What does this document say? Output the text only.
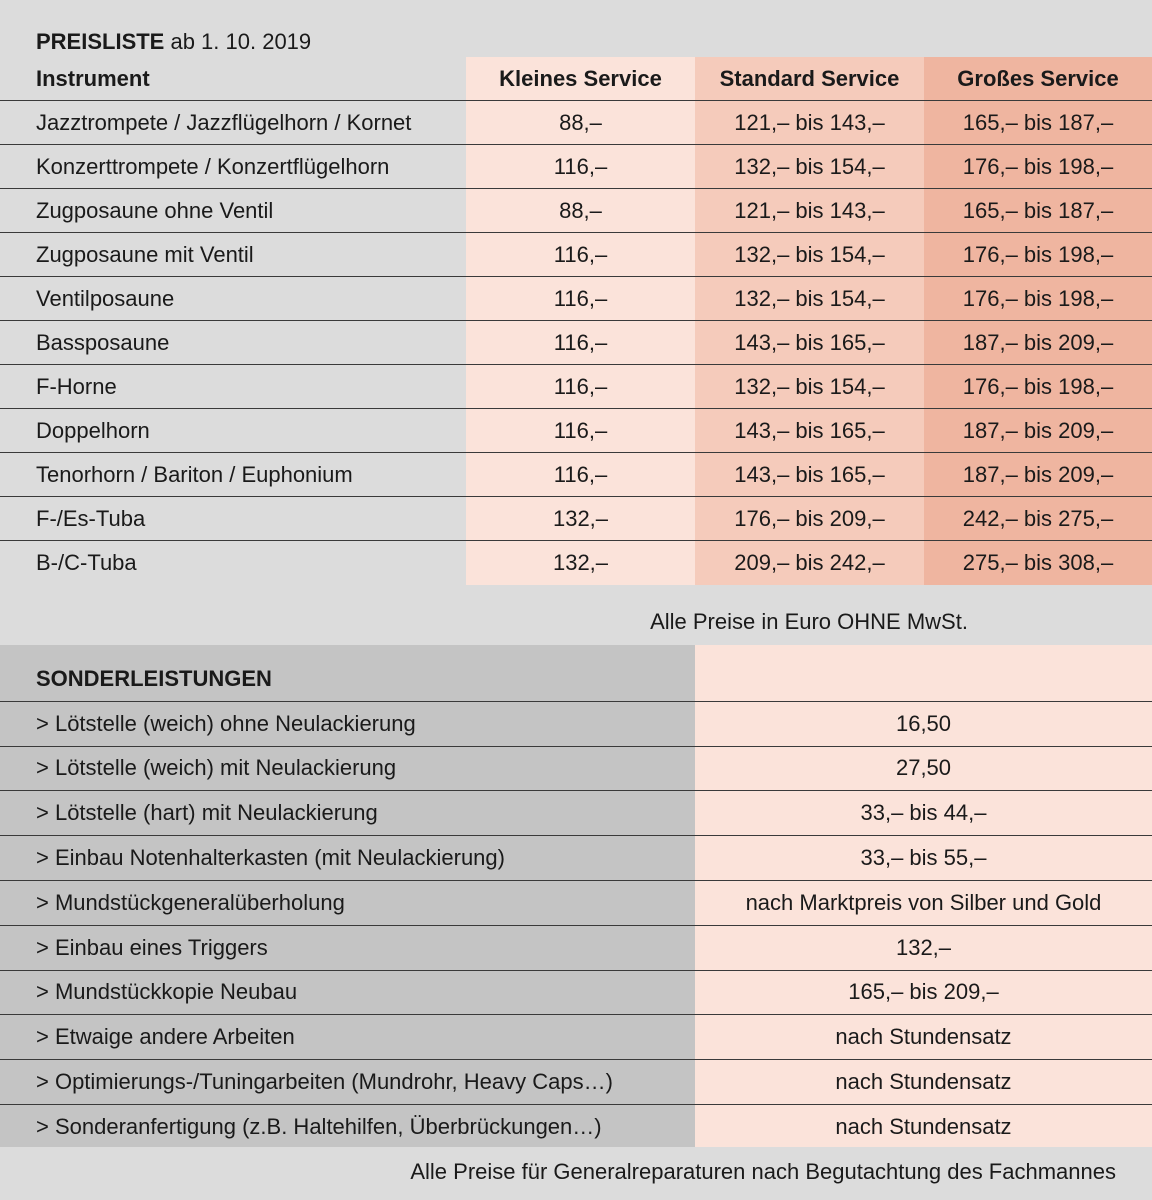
PREISLISTE ab 1. 10. 2019
Instrument	Kleines Service	Standard Service	Großes Service
Jazztrompete / Jazzflügelhorn / Kornet	88,–	121,– bis 143,–	165,– bis 187,–
Konzerttrompete / Konzertflügelhorn	116,–	132,– bis 154,–	176,– bis 198,–
Zugposaune ohne Ventil	88,–	121,– bis 143,–	165,– bis 187,–
Zugposaune mit Ventil	116,–	132,– bis 154,–	176,– bis 198,–
Ventilposaune	116,–	132,– bis 154,–	176,– bis 198,–
Bassposaune	116,–	143,– bis 165,–	187,– bis 209,–
F-Horne	116,–	132,– bis 154,–	176,– bis 198,–
Doppelhorn	116,–	143,– bis 165,–	187,– bis 209,–
Tenorhorn / Bariton / Euphonium	116,–	143,– bis 165,–	187,– bis 209,–
F-/Es-Tuba	132,–	176,– bis 209,–	242,– bis 275,–
B-/C-Tuba	132,–	209,– bis 242,–	275,– bis 308,–
Alle Preise in Euro OHNE MwSt.
SONDERLEISTUNGEN
> Lötstelle (weich) ohne Neulackierung	16,50
> Lötstelle (weich) mit Neulackierung	27,50
> Lötstelle (hart) mit Neulackierung	33,– bis 44,–
> Einbau Notenhalterkasten (mit Neulackierung)	33,– bis 55,–
> Mundstückgeneralüberholung	nach Marktpreis von Silber und Gold
> Einbau eines Triggers	132,–
> Mundstückkopie Neubau	165,– bis 209,–
> Etwaige andere Arbeiten	nach Stundensatz
> Optimierungs-/Tuningarbeiten (Mundrohr, Heavy Caps…)	nach Stundensatz
> Sonderanfertigung (z.B. Haltehilfen, Überbrückungen…)	nach Stundensatz
Alle Preise für Generalreparaturen nach Begutachtung des Fachmannes
